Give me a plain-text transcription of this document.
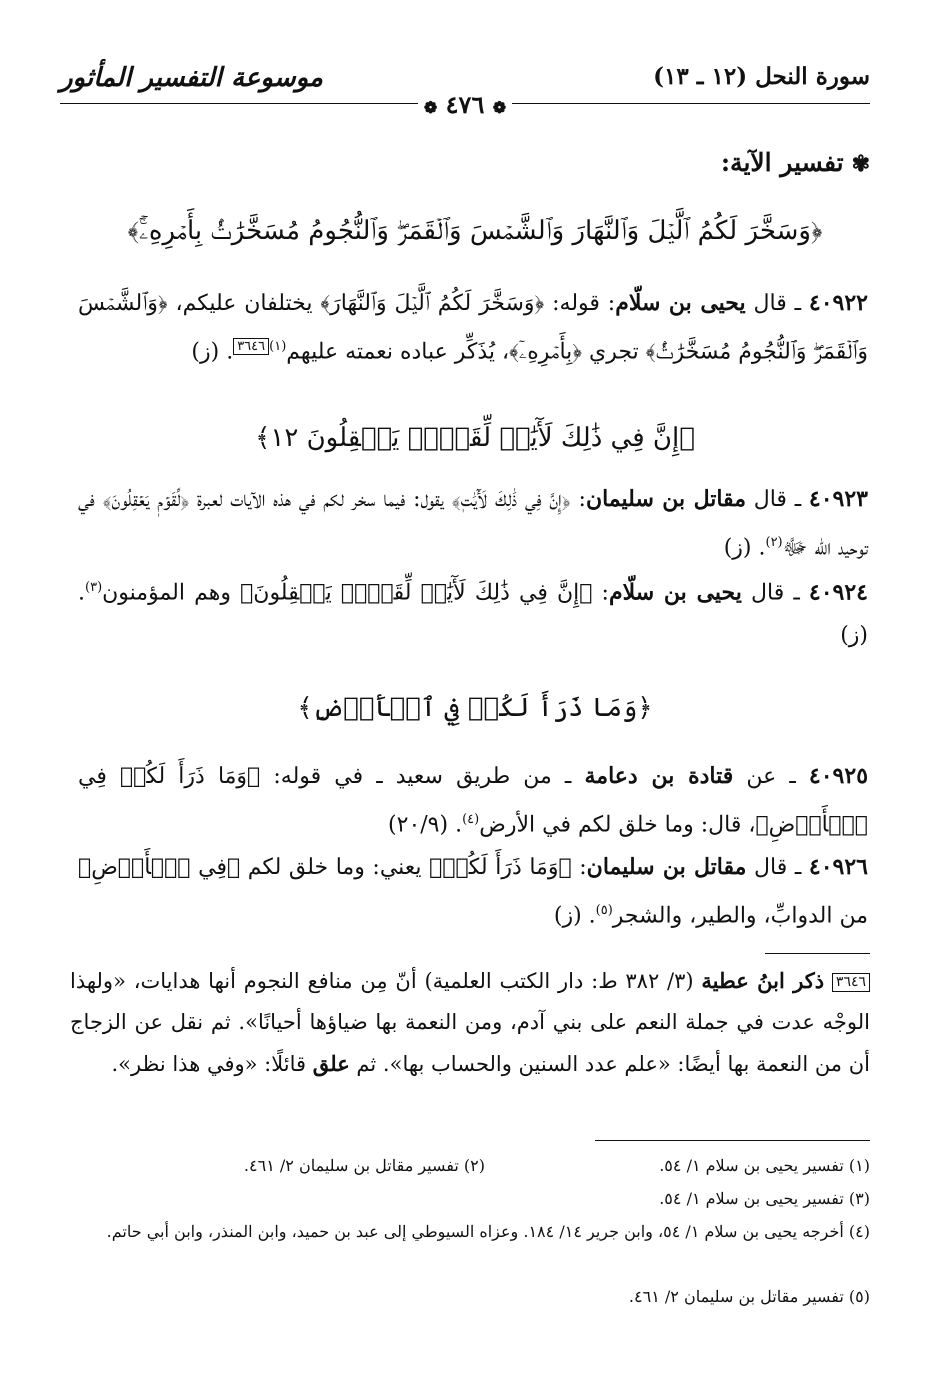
سورة النحل (١٢ ـ ١٣)
موسوعة التفسير المأثور
❁ ٤٧٦ ❁
✾تفسير الآية:
﴿وَسَخَّرَ لَكُمُ ٱلَّيۡلَ وَٱلنَّهَارَ وَٱلشَّمۡسَ وَٱلۡقَمَرَۖ وَٱلنُّجُومُ مُسَخَّرَٰتُۢ بِأَمۡرِهِۦٓۚ﴾
٤٠٩٢٢ ـ قال يحيى بن سلّام: قوله: ﴿وَسَخَّرَ لَكُمُ ٱلَّيۡلَ وَٱلنَّهَارَ﴾ يختلفان عليكم، ﴿وَٱلشَّمۡسَ وَٱلۡقَمَرَۖ وَٱلنُّجُومُ مُسَخَّرَٰتُۢ﴾ تجري ﴿بِأَمۡرِهِۦٓ﴾، يُذَكِّر عباده نعمته عليهم$^{(١)}$٣٦٤٦. (ز)
﴿إِنَّ فِي ذَٰلِكَ لَأٓيَٰتٖ لِّقَوۡمٖ يَعۡقِلُونَ ١٢﴾
٤٠٩٢٣ ـ قال مقاتل بن سليمان: ﴿إِنَّ فِي ذَٰلِكَ لَأٓيَٰتٖ﴾ يقول: فيما سخر لكم في هذه الآيات لعبرة ﴿لِّقَوۡمٖ يَعۡقِلُونَ﴾ في توحيد الله ﷻ$^{(٢)}$. (ز)
٤٠٩٢٤ ـ قال يحيى بن سلّام: ﴿إِنَّ فِي ذَٰلِكَ لَأٓيَٰتٖ لِّقَوۡمٖ يَعۡقِلُونَ﴾ وهم المؤمنون$^{(٣)}$. (ز)
﴿وَمَا ذَرَأَ لَكُمۡ فِي ٱلۡأَرۡضِ﴾
٤٠٩٢٥ ـ عن قتادة بن دعامة ـ من طريق سعيد ـ في قوله: ﴿وَمَا ذَرَأَ لَكُمۡ فِي ٱلۡأَرۡضِ﴾، قال: وما خلق لكم في الأرض$^{(٤)}$. (٢٠/٩)
٤٠٩٢٦ ـ قال مقاتل بن سليمان: ﴿وَمَا ذَرَأَ لَكُمۡ﴾ يعني: وما خلق لكم ﴿فِي ٱلۡأَرۡضِ﴾ من الدوابِّ، والطير، والشجر$^{(٥)}$. (ز)
٣٦٤٦ ذكر ابنُ عطية (٣/ ٣٨٢ ط: دار الكتب العلمية) أنّ مِن منافع النجوم أنها هدايات، «ولهذا الوجْه عدت في جملة النعم على بني آدم، ومن النعمة بها ضياؤها أحيانًا». ثم نقل عن الزجاج أن من النعمة بها أيضًا: «علم عدد السنين والحساب بها». ثم علق قائلًا: «وفي هذا نظر».
(١) تفسير يحيى بن سلام ١/ ٥٤.
(٢) تفسير مقاتل بن سليمان ٢/ ٤٦١.
(٣) تفسير يحيى بن سلام ١/ ٥٤.
(٤) أخرجه يحيى بن سلام ١/ ٥٤، وابن جرير ١٤/ ١٨٤. وعزاه السيوطي إلى عبد بن حميد، وابن المنذر، وابن أبي حاتم.
(٥) تفسير مقاتل بن سليمان ٢/ ٤٦١.
